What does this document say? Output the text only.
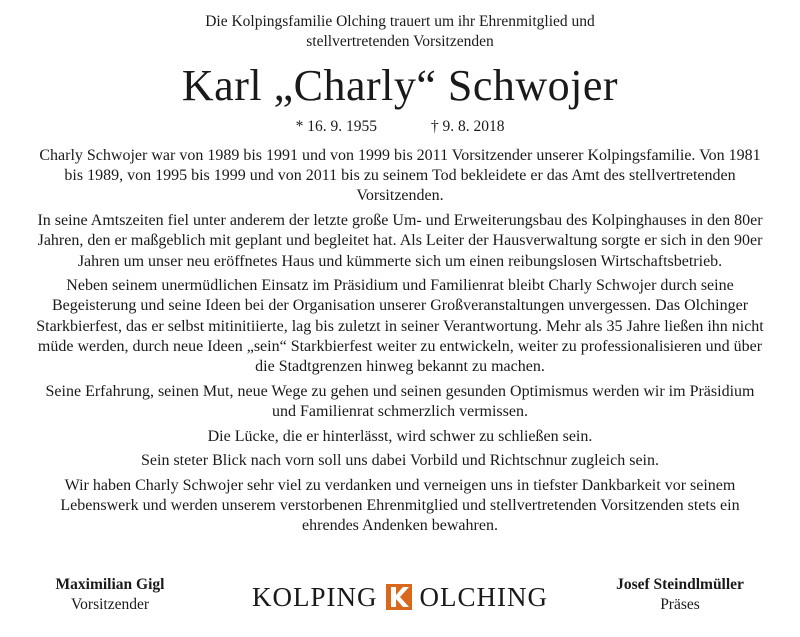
Die Kolpingsfamilie Olching trauert um ihr Ehrenmitglied und
stellvertretenden Vorsitzenden
Karl „Charly“ Schwojer
* 16. 9. 1955	† 9. 8. 2018

Charly Schwojer war von 1989 bis 1991 und von 1999 bis 2011 Vorsitzender unserer Kolpingsfamilie. Von 1981 bis 1989, von 1995 bis 1999 und von 2011 bis zu seinem Tod bekleidete er das Amt des stellvertretenden Vorsitzenden.

In seine Amtszeiten fiel unter anderem der letzte große Um- und Erweiterungsbau des Kolpinghauses in den 80er Jahren, den er maßgeblich mit geplant und begleitet hat. Als Leiter der Hausverwaltung sorgte er sich in den 90er Jahren um unser neu eröffnetes Haus und kümmerte sich um einen reibungslosen Wirtschaftsbetrieb.

Neben seinem unermüdlichen Einsatz im Präsidium und Familienrat bleibt Charly Schwojer durch seine Begeisterung und seine Ideen bei der Organisation unserer Großveranstaltungen unvergessen. Das Olchinger Starkbierfest, das er selbst mitinitiierte, lag bis zuletzt in seiner Verantwortung. Mehr als 35 Jahre ließen ihn nicht müde werden, durch neue Ideen „sein“ Starkbierfest weiter zu entwickeln, weiter zu professionalisieren und über die Stadtgrenzen hinweg bekannt zu machen.

Seine Erfahrung, seinen Mut, neue Wege zu gehen und seinen gesunden Optimismus werden wir im Präsidium und Familienrat schmerzlich vermissen.

Die Lücke, die er hinterlässt, wird schwer zu schließen sein.

Sein steter Blick nach vorn soll uns dabei Vorbild und Richtschnur zugleich sein.

Wir haben Charly Schwojer sehr viel zu verdanken und verneigen uns in tiefster Dankbarkeit vor seinem Lebenswerk und werden unserem verstorbenen Ehrenmitglied und stellvertretenden Vorsitzenden stets ein ehrendes Andenken bewahren.

Maximilian Gigl
Vorsitzender	KOLPING OLCHING	Josef Steindlmüller
Präses
